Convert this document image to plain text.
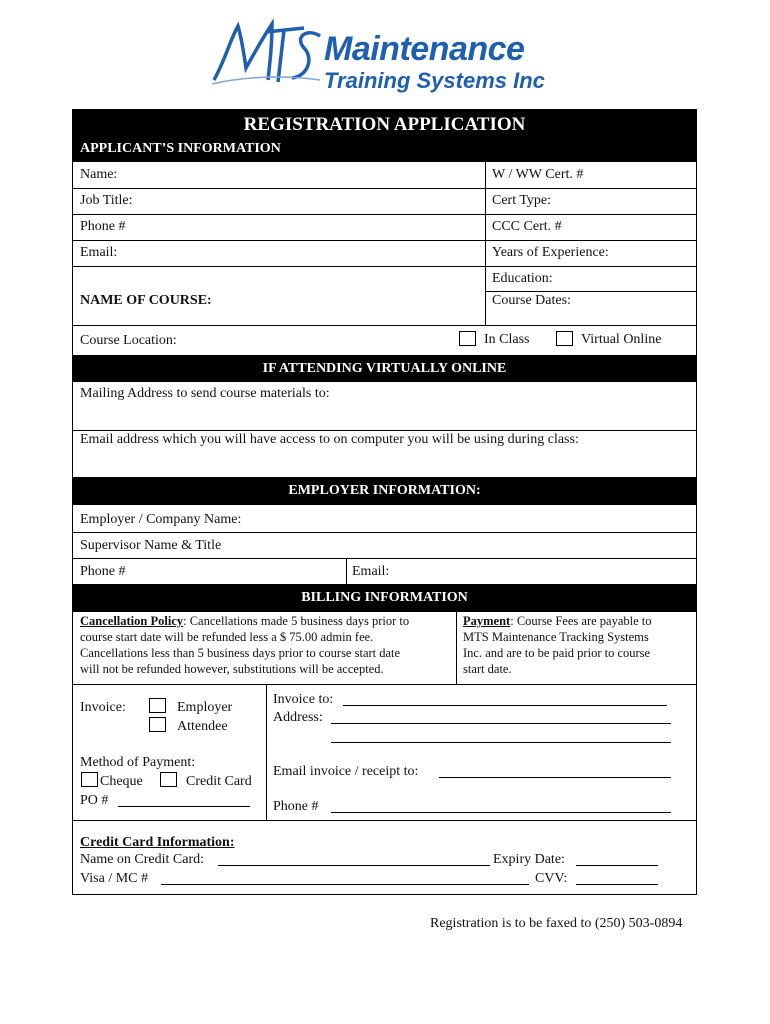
Maintenance
Training Systems Inc
REGISTRATION APPLICATION
APPLICANT’S INFORMATION
Name:	W / WW Cert. #
Job Title:	Cert Type:
Phone #	CCC Cert. #
Email:	Years of Experience:
Education:
NAME OF COURSE:	Course Dates:
Course Location:	In Class	Virtual Online
IF ATTENDING VIRTUALLY ONLINE
Mailing Address to send course materials to:
Email address which you will have access to on computer you will be using during class:
EMPLOYER INFORMATION:
Employer / Company Name:
Supervisor Name & Title
Phone #	Email:
BILLING INFORMATION
Cancellation Policy: Cancellations made 5 business days prior to
course start date will be refunded less a $ 75.00 admin fee.
Cancellations less than 5 business days prior to course start date
will not be refunded however, substitutions will be accepted.
Payment: Course Fees are payable to
MTS Maintenance Tracking Systems
Inc. and are to be paid prior to course
start date.
Invoice:	Employer
Attendee
Method of Payment:
Cheque	Credit Card
PO #
Invoice to:
Address:
Email invoice / receipt to:
Phone #
Credit Card Information:
Name on Credit Card:	Expiry Date:
Visa / MC #	CVV:
Registration is to be faxed to (250) 503-0894
